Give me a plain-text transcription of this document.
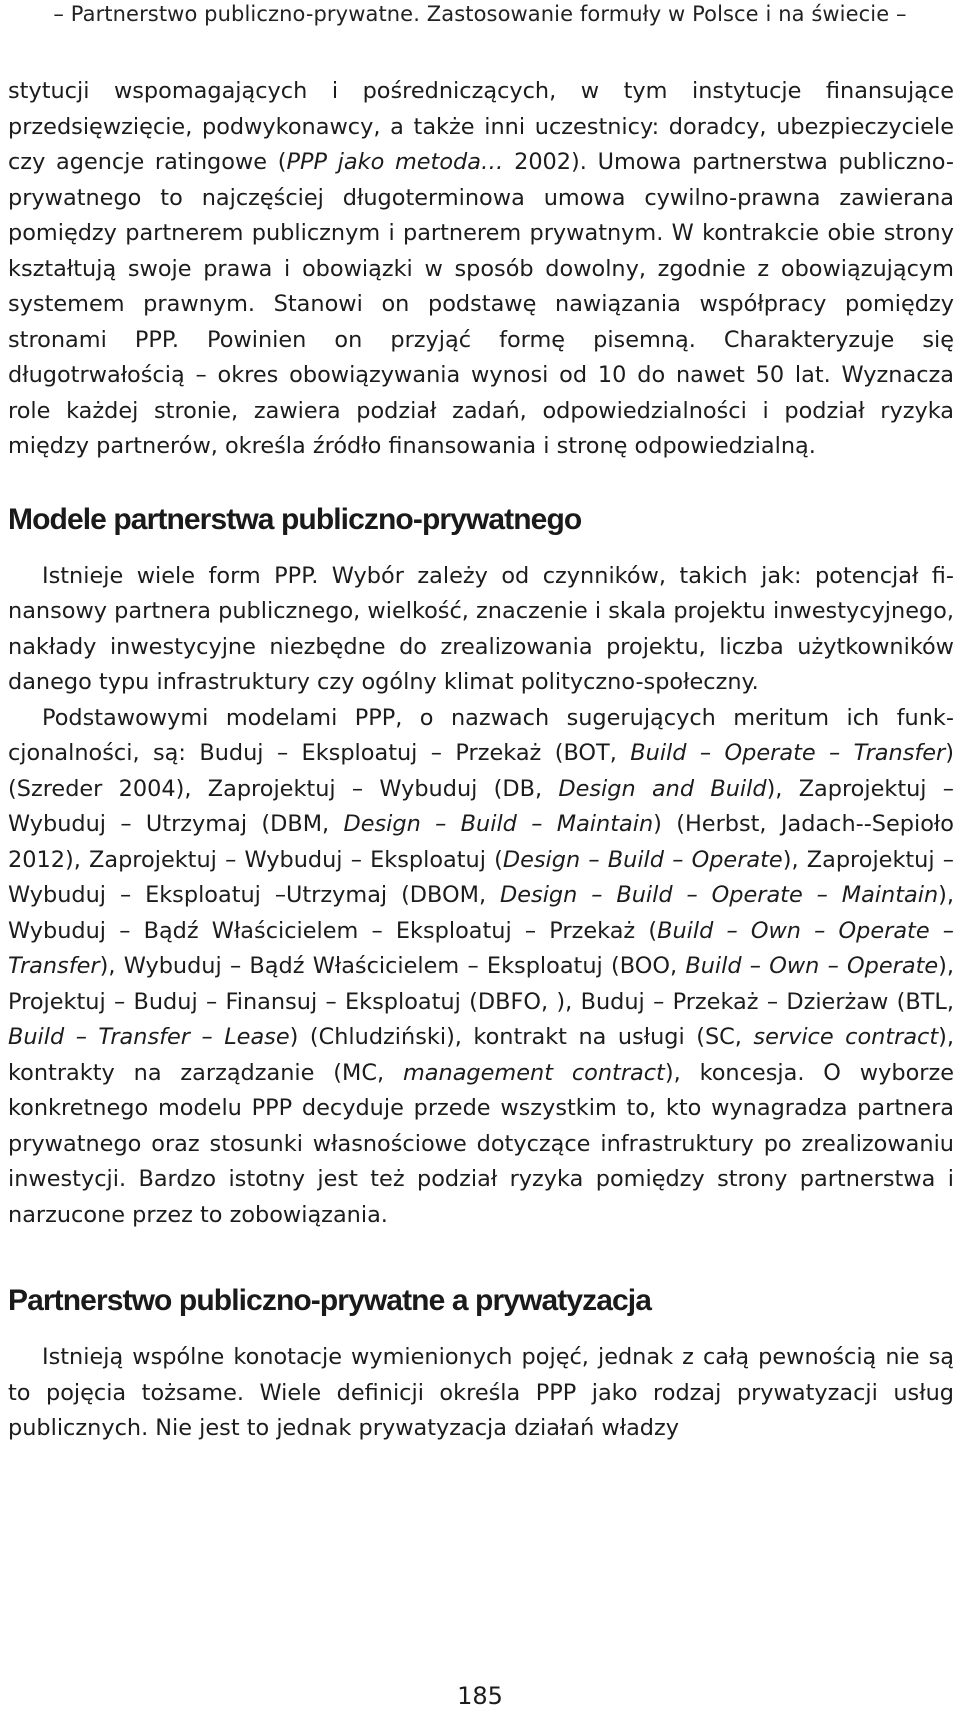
– Partnerstwo publiczno-prywatne. Zastosowanie formuły w Polsce i na świecie –

stytucji wspomagających i pośredniczących, w tym instytucje finansujące przedsięwzięcie, podwykonawcy, a także inni uczestnicy: doradcy, ubezpieczyciele czy agencje ratingowe (PPP jako metoda… 2002). Umowa partnerstwa publiczno-prywatnego to najczęściej długoterminowa umowa cywilno-prawna zawierana pomiędzy partnerem publicznym i partnerem prywatnym. W kontrakcie obie strony kształtują swoje prawa i obowiązki w sposób dowolny, zgodnie z obowiązującym systemem prawnym. Stanowi on podstawę nawiązania współpracy pomiędzy stronami PPP. Powinien on przyjąć formę pisemną. Charakteryzuje się długotrwałością – okres obowiązywania wynosi od 10 do nawet 50 lat. Wyznacza role każdej stronie, zawiera podział zadań, odpowiedzialności i podział ryzyka między partnerów, określa źródło finansowania i stronę odpowiedzialną.

Modele partnerstwa publiczno-prywatnego

Istnieje wiele form PPP. Wybór zależy od czynników, takich jak: potencjał finansowy partnera publicznego, wielkość, znaczenie i skala projektu inwestycyjnego, nakłady inwestycyjne niezbędne do zrealizowania projektu, liczba użytkowników danego typu infrastruktury czy ogólny klimat polityczno-społeczny.

Podstawowymi modelami PPP, o nazwach sugerujących meritum ich funkcjonalności, są: Buduj – Eksploatuj – Przekaż (BOT, Build – Operate – Transfer) (Szreder 2004), Zaprojektuj – Wybuduj (DB, Design and Build), Zaprojektuj – Wybuduj – Utrzymaj (DBM, Design – Build – Maintain) (Herbst, Jadach--Sepioło 2012), Zaprojektuj – Wybuduj – Eksploatuj (Design – Build – Operate), Zaprojektuj – Wybuduj – Eksploatuj –Utrzymaj (DBOM, Design – Build – Operate – Maintain), Wybuduj – Bądź Właścicielem – Eksploatuj – Przekaż (Build – Own – Operate – Transfer), Wybuduj – Bądź Właścicielem – Eksploatuj (BOO, Build – Own – Operate), Projektuj – Buduj – Finansuj – Eksploatuj (DBFO, ), Buduj – Przekaż – Dzierżaw (BTL, Build – Transfer – Lease) (Chludziński), kontrakt na usługi (SC, service contract), kontrakty na zarządzanie (MC, management contract), koncesja. O wyborze konkretnego modelu PPP decyduje przede wszystkim to, kto wynagradza partnera prywatnego oraz stosunki własnościowe dotyczące infrastruktury po zrealizowaniu inwestycji. Bardzo istotny jest też podział ryzyka pomiędzy strony partnerstwa i narzucone przez to zobowiązania.

Partnerstwo publiczno-prywatne a prywatyzacja

Istnieją wspólne konotacje wymienionych pojęć, jednak z całą pewnością nie są to pojęcia tożsame. Wiele definicji określa PPP jako rodzaj prywatyzacji usług publicznych. Nie jest to jednak prywatyzacja działań władzy

185
